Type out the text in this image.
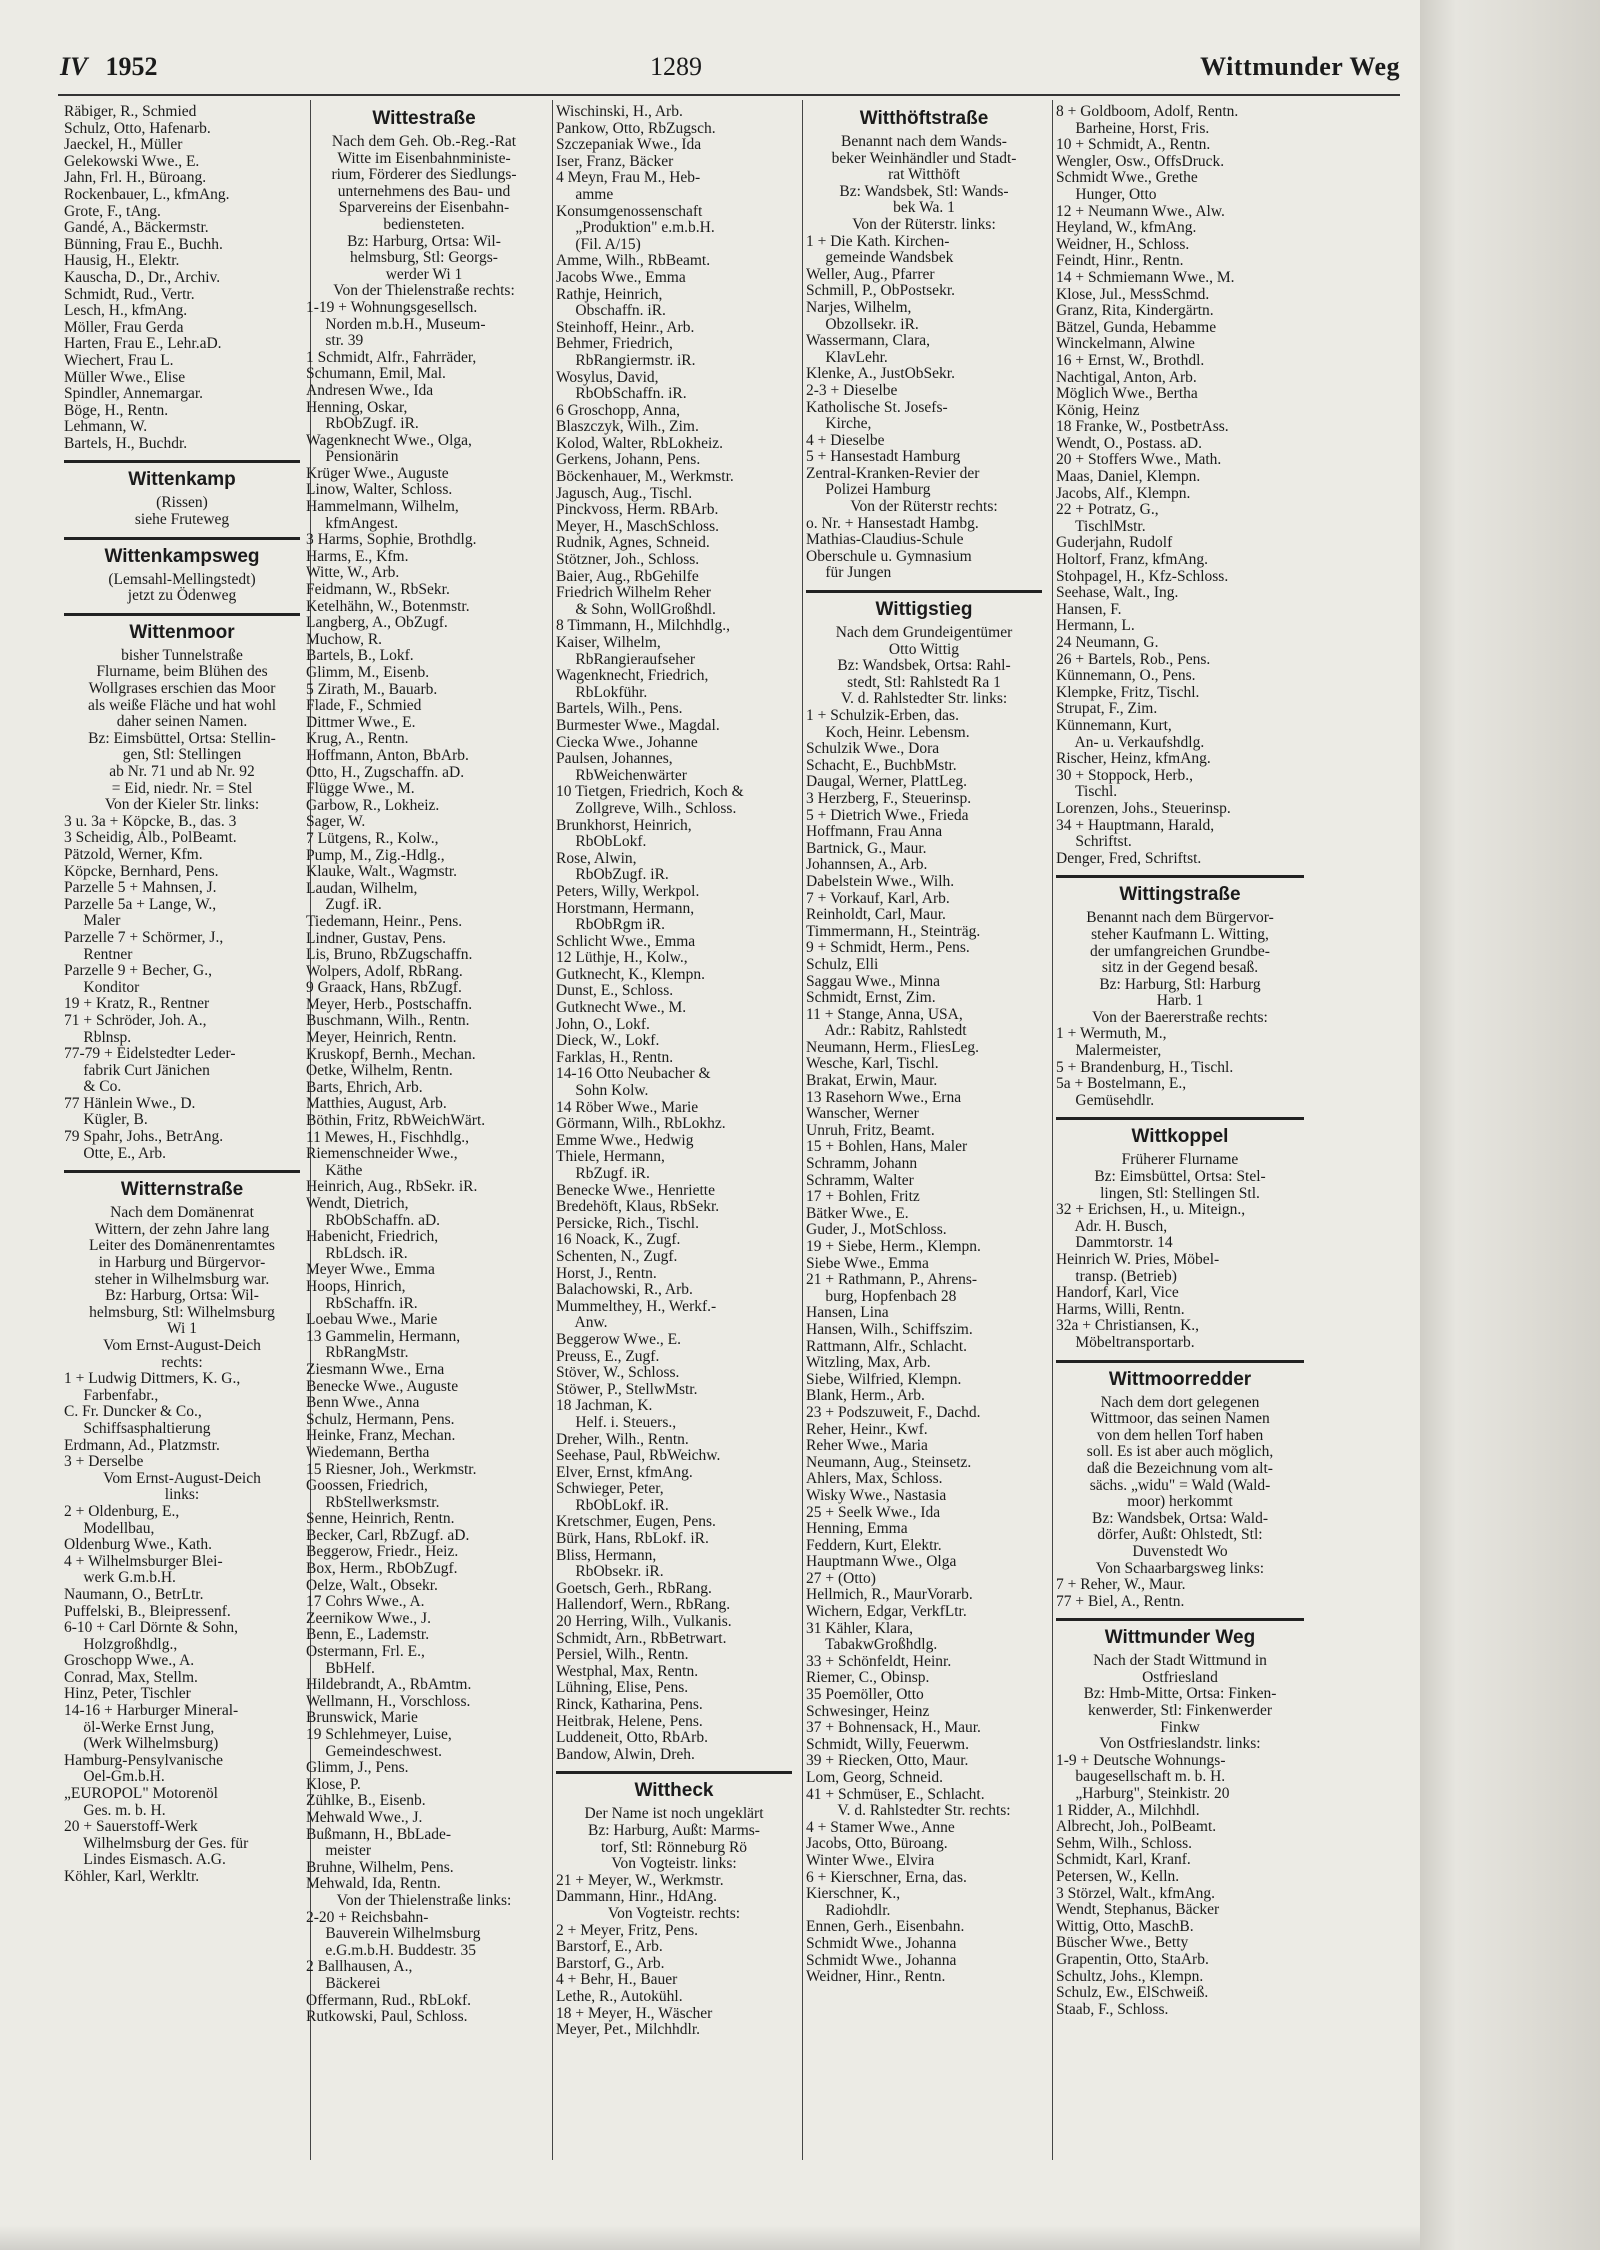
IV 1952	1289	Wittmunder Weg
Räbiger, R., Schmied
Schulz, Otto, Hafenarb.
Jaeckel, H., Müller
Gelekowski Wwe., E.
Jahn, Frl. H., Büroang.
Rockenbauer, L., kfmAng.
Grote, F., tAng.
Gandé, A., Bäckermstr.
Bünning, Frau E., Buchh.
Hausig, H., Elektr.
Kauscha, D., Dr., Archiv.
Schmidt, Rud., Vertr.
Lesch, H., kfmAng.
Möller, Frau Gerda
Harten, Frau E., Lehr.aD.
Wiechert, Frau L.
Müller Wwe., Elise
Spindler, Annemargar.
Böge, H., Rentn.
Lehmann, W.
Bartels, H., Buchdr.
Wittenkamp
(Rissen)
siehe Fruteweg
Wittenkampsweg
(Lemsahl-Mellingstedt)
jetzt zu Ödenweg
Wittenmoor
bisher Tunnelstraße
Flurname, beim Blühen des
Wollgrases erschien das Moor
als weiße Fläche und hat wohl
daher seinen Namen.
Bz: Eimsbüttel, Ortsa: Stellin-
gen, Stl: Stellingen
ab Nr. 71 und ab Nr. 92
= Eid, niedr. Nr. = Stel
Von der Kieler Str. links:
3 u. 3a + Köpcke, B., das. 3
3 Scheidig, Alb., PolBeamt.
Pätzold, Werner, Kfm.
Köpcke, Bernhard, Pens.
Parzelle 5 + Mahnsen, J.
Parzelle 5a + Lange, W.,
Maler
Parzelle 7 + Schörmer, J.,
Rentner
Parzelle 9 + Becher, G.,
Konditor
19 + Kratz, R., Rentner
71 + Schröder, Joh. A.,
Rblnsp.
77-79 + Eidelstedter Leder-
fabrik Curt Jänichen
& Co.
77 Hänlein Wwe., D.
Kügler, B.
79 Spahr, Johs., BetrAng.
Otte, E., Arb.
Witternstraße
Nach dem Domänenrat
Wittern, der zehn Jahre lang
Leiter des Domänenrentamtes
in Harburg und Bürgervor-
steher in Wilhelmsburg war.
Bz: Harburg, Ortsa: Wil-
helmsburg, Stl: Wilhelmsburg
Wi 1
Vom Ernst-August-Deich
rechts:
1 + Ludwig Dittmers, K. G.,
Farbenfabr.,
C. Fr. Duncker & Co.,
Schiffsasphaltierung
Erdmann, Ad., Platzmstr.
3 + Derselbe
Vom Ernst-August-Deich
links:
2 + Oldenburg, E.,
Modellbau,
Oldenburg Wwe., Kath.
4 + Wilhelmsburger Blei-
werk G.m.b.H.
Naumann, O., BetrLtr.
Puffelski, B., Bleipressenf.
6-10 + Carl Dörnte & Sohn,
Holzgroßhdlg.,
Groschopp Wwe., A.
Conrad, Max, Stellm.
Hinz, Peter, Tischler
14-16 + Harburger Mineral-
öl-Werke Ernst Jung,
(Werk Wilhelmsburg)
Hamburg-Pensylvanische
Oel-Gm.b.H.
„EUROPOL" Motorenöl
Ges. m. b. H.
20 + Sauerstoff-Werk
Wilhelmsburg der Ges. für
Lindes Eismasch. A.G.
Köhler, Karl, Werkltr.
Wittestraße
Nach dem Geh. Ob.-Reg.-Rat
Witte im Eisenbahnministe-
rium, Förderer des Siedlungs-
unternehmens des Bau- und
Sparvereins der Eisenbahn-
bediensteten.
Bz: Harburg, Ortsa: Wil-
helmsburg, Stl: Georgs-
werder Wi 1
Von der Thielenstraße rechts:
1-19 + Wohnungsgesellsch.
Norden m.b.H., Museum-
str. 39
1 Schmidt, Alfr., Fahrräder,
Schumann, Emil, Mal.
Andresen Wwe., Ida
Henning, Oskar,
RbObZugf. iR.
Wagenknecht Wwe., Olga,
Pensionärin
Krüger Wwe., Auguste
Linow, Walter, Schloss.
Hammelmann, Wilhelm,
kfmAngest.
3 Harms, Sophie, Brothdlg.
Harms, E., Kfm.
Witte, W., Arb.
Feidmann, W., RbSekr.
Ketelhähn, W., Botenmstr.
Langberg, A., ObZugf.
Muchow, R.
Bartels, B., Lokf.
Glimm, M., Eisenb.
5 Zirath, M., Bauarb.
Flade, F., Schmied
Dittmer Wwe., E.
Krug, A., Rentn.
Hoffmann, Anton, BbArb.
Otto, H., Zugschaffn. aD.
Flügge Wwe., M.
Garbow, R., Lokheiz.
Sager, W.
7 Lütgens, R., Kolw.,
Pump, M., Zig.-Hdlg.,
Klauke, Walt., Wagmstr.
Laudan, Wilhelm,
Zugf. iR.
Tiedemann, Heinr., Pens.
Lindner, Gustav, Pens.
Lis, Bruno, RbZugschaffn.
Wolpers, Adolf, RbRang.
9 Graack, Hans, RbZugf.
Meyer, Herb., Postschaffn.
Buschmann, Wilh., Rentn.
Meyer, Heinrich, Rentn.
Kruskopf, Bernh., Mechan.
Oetke, Wilhelm, Rentn.
Barts, Ehrich, Arb.
Matthies, August, Arb.
Böthin, Fritz, RbWeichWärt.
11 Mewes, H., Fischhdlg.,
Riemenschneider Wwe.,
Käthe
Heinrich, Aug., RbSekr. iR.
Wendt, Dietrich,
RbObSchaffn. aD.
Habenicht, Friedrich,
RbLdsch. iR.
Meyer Wwe., Emma
Hoops, Hinrich,
RbSchaffn. iR.
Loebau Wwe., Marie
13 Gammelin, Hermann,
RbRangMstr.
Ziesmann Wwe., Erna
Benecke Wwe., Auguste
Benn Wwe., Anna
Schulz, Hermann, Pens.
Heinke, Franz, Mechan.
Wiedemann, Bertha
15 Riesner, Joh., Werkmstr.
Goossen, Friedrich,
RbStellwerksmstr.
Senne, Heinrich, Rentn.
Becker, Carl, RbZugf. aD.
Beggerow, Friedr., Heiz.
Box, Herm., RbObZugf.
Oelze, Walt., Obsekr.
17 Cohrs Wwe., A.
Zeernikow Wwe., J.
Benn, E., Lademstr.
Ostermann, Frl. E.,
BbHelf.
Hildebrandt, A., RbAmtm.
Wellmann, H., Vorschloss.
Brunswick, Marie
19 Schlehmeyer, Luise,
Gemeindeschwest.
Glimm, J., Pens.
Klose, P.
Zühlke, B., Eisenb.
Mehwald Wwe., J.
Bußmann, H., BbLade-
meister
Bruhne, Wilhelm, Pens.
Mehwald, Ida, Rentn.
Von der Thielenstraße links:
2-20 + Reichsbahn-
Bauverein Wilhelmsburg
e.G.m.b.H. Buddestr. 35
2 Ballhausen, A.,
Bäckerei
Offermann, Rud., RbLokf.
Rutkowski, Paul, Schloss.
Wischinski, H., Arb.
Pankow, Otto, RbZugsch.
Szczepaniak Wwe., Ida
Iser, Franz, Bäcker
4 Meyn, Frau M., Heb-
amme
Konsumgenossenschaft
„Produktion" e.m.b.H.
(Fil. A/15)
Amme, Wilh., RbBeamt.
Jacobs Wwe., Emma
Rathje, Heinrich,
Obschaffn. iR.
Steinhoff, Heinr., Arb.
Behmer, Friedrich,
RbRangiermstr. iR.
Wosylus, David,
RbObSchaffn. iR.
6 Groschopp, Anna,
Blaszczyk, Wilh., Zim.
Kolod, Walter, RbLokheiz.
Gerkens, Johann, Pens.
Böckenhauer, M., Werkmstr.
Jagusch, Aug., Tischl.
Pinckvoss, Herm. RBArb.
Meyer, H., MaschSchloss.
Rudnik, Agnes, Schneid.
Stötzner, Joh., Schloss.
Baier, Aug., RbGehilfe
Friedrich Wilhelm Reher
& Sohn, WollGroßhdl.
8 Timmann, H., Milchhdlg.,
Kaiser, Wilhelm,
RbRangieraufseher
Wagenknecht, Friedrich,
RbLokführ.
Bartels, Wilh., Pens.
Burmester Wwe., Magdal.
Ciecka Wwe., Johanne
Paulsen, Johannes,
RbWeichenwärter
10 Tietgen, Friedrich, Koch &
Zollgreve, Wilh., Schloss.
Brunkhorst, Heinrich,
RbObLokf.
Rose, Alwin,
RbObZugf. iR.
Peters, Willy, Werkpol.
Horstmann, Hermann,
RbObRgm iR.
Schlicht Wwe., Emma
12 Lüthje, H., Kolw.,
Gutknecht, K., Klempn.
Dunst, E., Schloss.
Gutknecht Wwe., M.
John, O., Lokf.
Dieck, W., Lokf.
Farklas, H., Rentn.
14-16 Otto Neubacher &
Sohn Kolw.
14 Röber Wwe., Marie
Görmann, Wilh., RbLokhz.
Emme Wwe., Hedwig
Thiele, Hermann,
RbZugf. iR.
Benecke Wwe., Henriette
Bredehöft, Klaus, RbSekr.
Persicke, Rich., Tischl.
16 Noack, K., Zugf.
Schenten, N., Zugf.
Horst, J., Rentn.
Balachowski, R., Arb.
Mummelthey, H., Werkf.-
Anw.
Beggerow Wwe., E.
Preuss, E., Zugf.
Stöver, W., Schloss.
Stöwer, P., StellwMstr.
18 Jachman, K.
Helf. i. Steuers.,
Dreher, Wilh., Rentn.
Seehase, Paul, RbWeichw.
Elver, Ernst, kfmAng.
Schwieger, Peter,
RbObLokf. iR.
Kretschmer, Eugen, Pens.
Bürk, Hans, RbLokf. iR.
Bliss, Hermann,
RbObsekr. iR.
Goetsch, Gerh., RbRang.
Hallendorf, Wern., RbRang.
20 Herring, Wilh., Vulkanis.
Schmidt, Arn., RbBetrwart.
Persiel, Wilh., Rentn.
Westphal, Max, Rentn.
Lühning, Elise, Pens.
Rinck, Katharina, Pens.
Heitbrak, Helene, Pens.
Luddeneit, Otto, RbArb.
Bandow, Alwin, Dreh.
Wittheck
Der Name ist noch ungeklärt
Bz: Harburg, Außt: Marms-
torf, Stl: Rönneburg Rö
Von Vogteistr. links:
21 + Meyer, W., Werkmstr.
Dammann, Hinr., HdAng.
Von Vogteistr. rechts:
2 + Meyer, Fritz, Pens.
Barstorf, E., Arb.
Barstorf, G., Arb.
4 + Behr, H., Bauer
Lethe, R., Autokühl.
18 + Meyer, H., Wäscher
Meyer, Pet., Milchhdlr.
Witthöftstraße
Benannt nach dem Wands-
beker Weinhändler und Stadt-
rat Witthöft
Bz: Wandsbek, Stl: Wands-
bek Wa. 1
Von der Rüterstr. links:
1 + Die Kath. Kirchen-
gemeinde Wandsbek
Weller, Aug., Pfarrer
Schmill, P., ObPostsekr.
Narjes, Wilhelm,
Obzollsekr. iR.
Wassermann, Clara,
KlavLehr.
Klenke, A., JustObSekr.
2-3 + Dieselbe
Katholische St. Josefs-
Kirche,
4 + Dieselbe
5 + Hansestadt Hamburg
Zentral-Kranken-Revier der
Polizei Hamburg
Von der Rüterstr rechts:
o. Nr. + Hansestadt Hambg.
Mathias-Claudius-Schule
Oberschule u. Gymnasium
für Jungen
Wittigstieg
Nach dem Grundeigentümer
Otto Wittig
Bz: Wandsbek, Ortsa: Rahl-
stedt, Stl: Rahlstedt Ra 1
V. d. Rahlstedter Str. links:
1 + Schulzik-Erben, das.
Koch, Heinr. Lebensm.
Schulzik Wwe., Dora
Schacht, E., BuchbMstr.
Daugal, Werner, PlattLeg.
3 Herzberg, F., Steuerinsp.
5 + Dietrich Wwe., Frieda
Hoffmann, Frau Anna
Bartnick, G., Maur.
Johannsen, A., Arb.
Dabelstein Wwe., Wilh.
7 + Vorkauf, Karl, Arb.
Reinholdt, Carl, Maur.
Timmermann, H., Steinträg.
9 + Schmidt, Herm., Pens.
Schulz, Elli
Saggau Wwe., Minna
Schmidt, Ernst, Zim.
11 + Stange, Anna, USA,
Adr.: Rabitz, Rahlstedt
Neumann, Herm., FliesLeg.
Wesche, Karl, Tischl.
Brakat, Erwin, Maur.
13 Rasehorn Wwe., Erna
Wanscher, Werner
Unruh, Fritz, Beamt.
15 + Bohlen, Hans, Maler
Schramm, Johann
Schramm, Walter
17 + Bohlen, Fritz
Bätker Wwe., E.
Guder, J., MotSchloss.
19 + Siebe, Herm., Klempn.
Siebe Wwe., Emma
21 + Rathmann, P., Ahrens-
burg, Hopfenbach 28
Hansen, Lina
Hansen, Wilh., Schiffszim.
Rattmann, Alfr., Schlacht.
Witzling, Max, Arb.
Siebe, Wilfried, Klempn.
Blank, Herm., Arb.
23 + Podszuweit, F., Dachd.
Reher, Heinr., Kwf.
Reher Wwe., Maria
Neumann, Aug., Steinsetz.
Ahlers, Max, Schloss.
Wisky Wwe., Nastasia
25 + Seelk Wwe., Ida
Henning, Emma
Feddern, Kurt, Elektr.
Hauptmann Wwe., Olga
27 + (Otto)
Hellmich, R., MaurVorarb.
Wichern, Edgar, VerkfLtr.
31 Kähler, Klara,
TabakwGroßhdlg.
33 + Schönfeldt, Heinr.
Riemer, C., Obinsp.
35 Poemöller, Otto
Schwesinger, Heinz
37 + Bohnensack, H., Maur.
Schmidt, Willy, Feuerwm.
39 + Riecken, Otto, Maur.
Lom, Georg, Schneid.
41 + Schmüser, E., Schlacht.
V. d. Rahlstedter Str. rechts:
4 + Stamer Wwe., Anne
Jacobs, Otto, Büroang.
Winter Wwe., Elvira
6 + Kierschner, Erna, das.
Kierschner, K.,
Radiohdlr.
Ennen, Gerh., Eisenbahn.
Schmidt Wwe., Johanna
Schmidt Wwe., Johanna
Weidner, Hinr., Rentn.
8 + Goldboom, Adolf, Rentn.
Barheine, Horst, Fris.
10 + Schmidt, A., Rentn.
Wengler, Osw., OffsDruck.
Schmidt Wwe., Grethe
Hunger, Otto
12 + Neumann Wwe., Alw.
Heyland, W., kfmAng.
Weidner, H., Schloss.
Feindt, Hinr., Rentn.
14 + Schmiemann Wwe., M.
Klose, Jul., MessSchmd.
Granz, Rita, Kindergärtn.
Bätzel, Gunda, Hebamme
Winckelmann, Alwine
16 + Ernst, W., Brothdl.
Nachtigal, Anton, Arb.
Möglich Wwe., Bertha
König, Heinz
18 Franke, W., PostbetrAss.
Wendt, O., Postass. aD.
20 + Stoffers Wwe., Math.
Maas, Daniel, Klempn.
Jacobs, Alf., Klempn.
22 + Potratz, G.,
TischlMstr.
Guderjahn, Rudolf
Holtorf, Franz, kfmAng.
Stohpagel, H., Kfz-Schloss.
Seehase, Walt., Ing.
Hansen, F.
Hermann, L.
24 Neumann, G.
26 + Bartels, Rob., Pens.
Künnemann, O., Pens.
Klempke, Fritz, Tischl.
Strupat, F., Zim.
Künnemann, Kurt,
An- u. Verkaufshdlg.
Rischer, Heinz, kfmAng.
30 + Stoppock, Herb.,
Tischl.
Lorenzen, Johs., Steuerinsp.
34 + Hauptmann, Harald,
Schriftst.
Denger, Fred, Schriftst.
Wittingstraße
Benannt nach dem Bürgervor-
steher Kaufmann L. Witting,
der umfangreichen Grundbe-
sitz in der Gegend besaß.
Bz: Harburg, Stl: Harburg
Harb. 1
Von der Baererstraße rechts:
1 + Wermuth, M.,
Malermeister,
5 + Brandenburg, H., Tischl.
5a + Bostelmann, E.,
Gemüsehdlr.
Wittkoppel
Früherer Flurname
Bz: Eimsbüttel, Ortsa: Stel-
lingen, Stl: Stellingen Stl.
32 + Erichsen, H., u. Miteign.,
Adr. H. Busch,
Dammtorstr. 14
Heinrich W. Pries, Möbel-
transp. (Betrieb)
Handorf, Karl, Vice
Harms, Willi, Rentn.
32a + Christiansen, K.,
Möbeltransportarb.
Wittmoorredder
Nach dem dort gelegenen
Wittmoor, das seinen Namen
von dem hellen Torf haben
soll. Es ist aber auch möglich,
daß die Bezeichnung vom alt-
sächs. „widu" = Wald (Wald-
moor) herkommt
Bz: Wandsbek, Ortsa: Wald-
dörfer, Außt: Ohlstedt, Stl:
Duvenstedt Wo
Von Schaarbargsweg links:
7 + Reher, W., Maur.
77 + Biel, A., Rentn.
Wittmunder Weg
Nach der Stadt Wittmund in
Ostfriesland
Bz: Hmb-Mitte, Ortsa: Finken-
kenwerder, Stl: Finkenwerder
Finkw
Von Ostfrieslandstr. links:
1-9 + Deutsche Wohnungs-
baugesellschaft m. b. H.
„Harburg", Steinkistr. 20
1 Ridder, A., Milchhdl.
Albrecht, Joh., PolBeamt.
Sehm, Wilh., Schloss.
Schmidt, Karl, Kranf.
Petersen, W., Kelln.
3 Störzel, Walt., kfmAng.
Wendt, Stephanus, Bäcker
Wittig, Otto, MaschB.
Büscher Wwe., Betty
Grapentin, Otto, StaArb.
Schultz, Johs., Klempn.
Schulz, Ew., ElSchweiß.
Staab, F., Schloss.
